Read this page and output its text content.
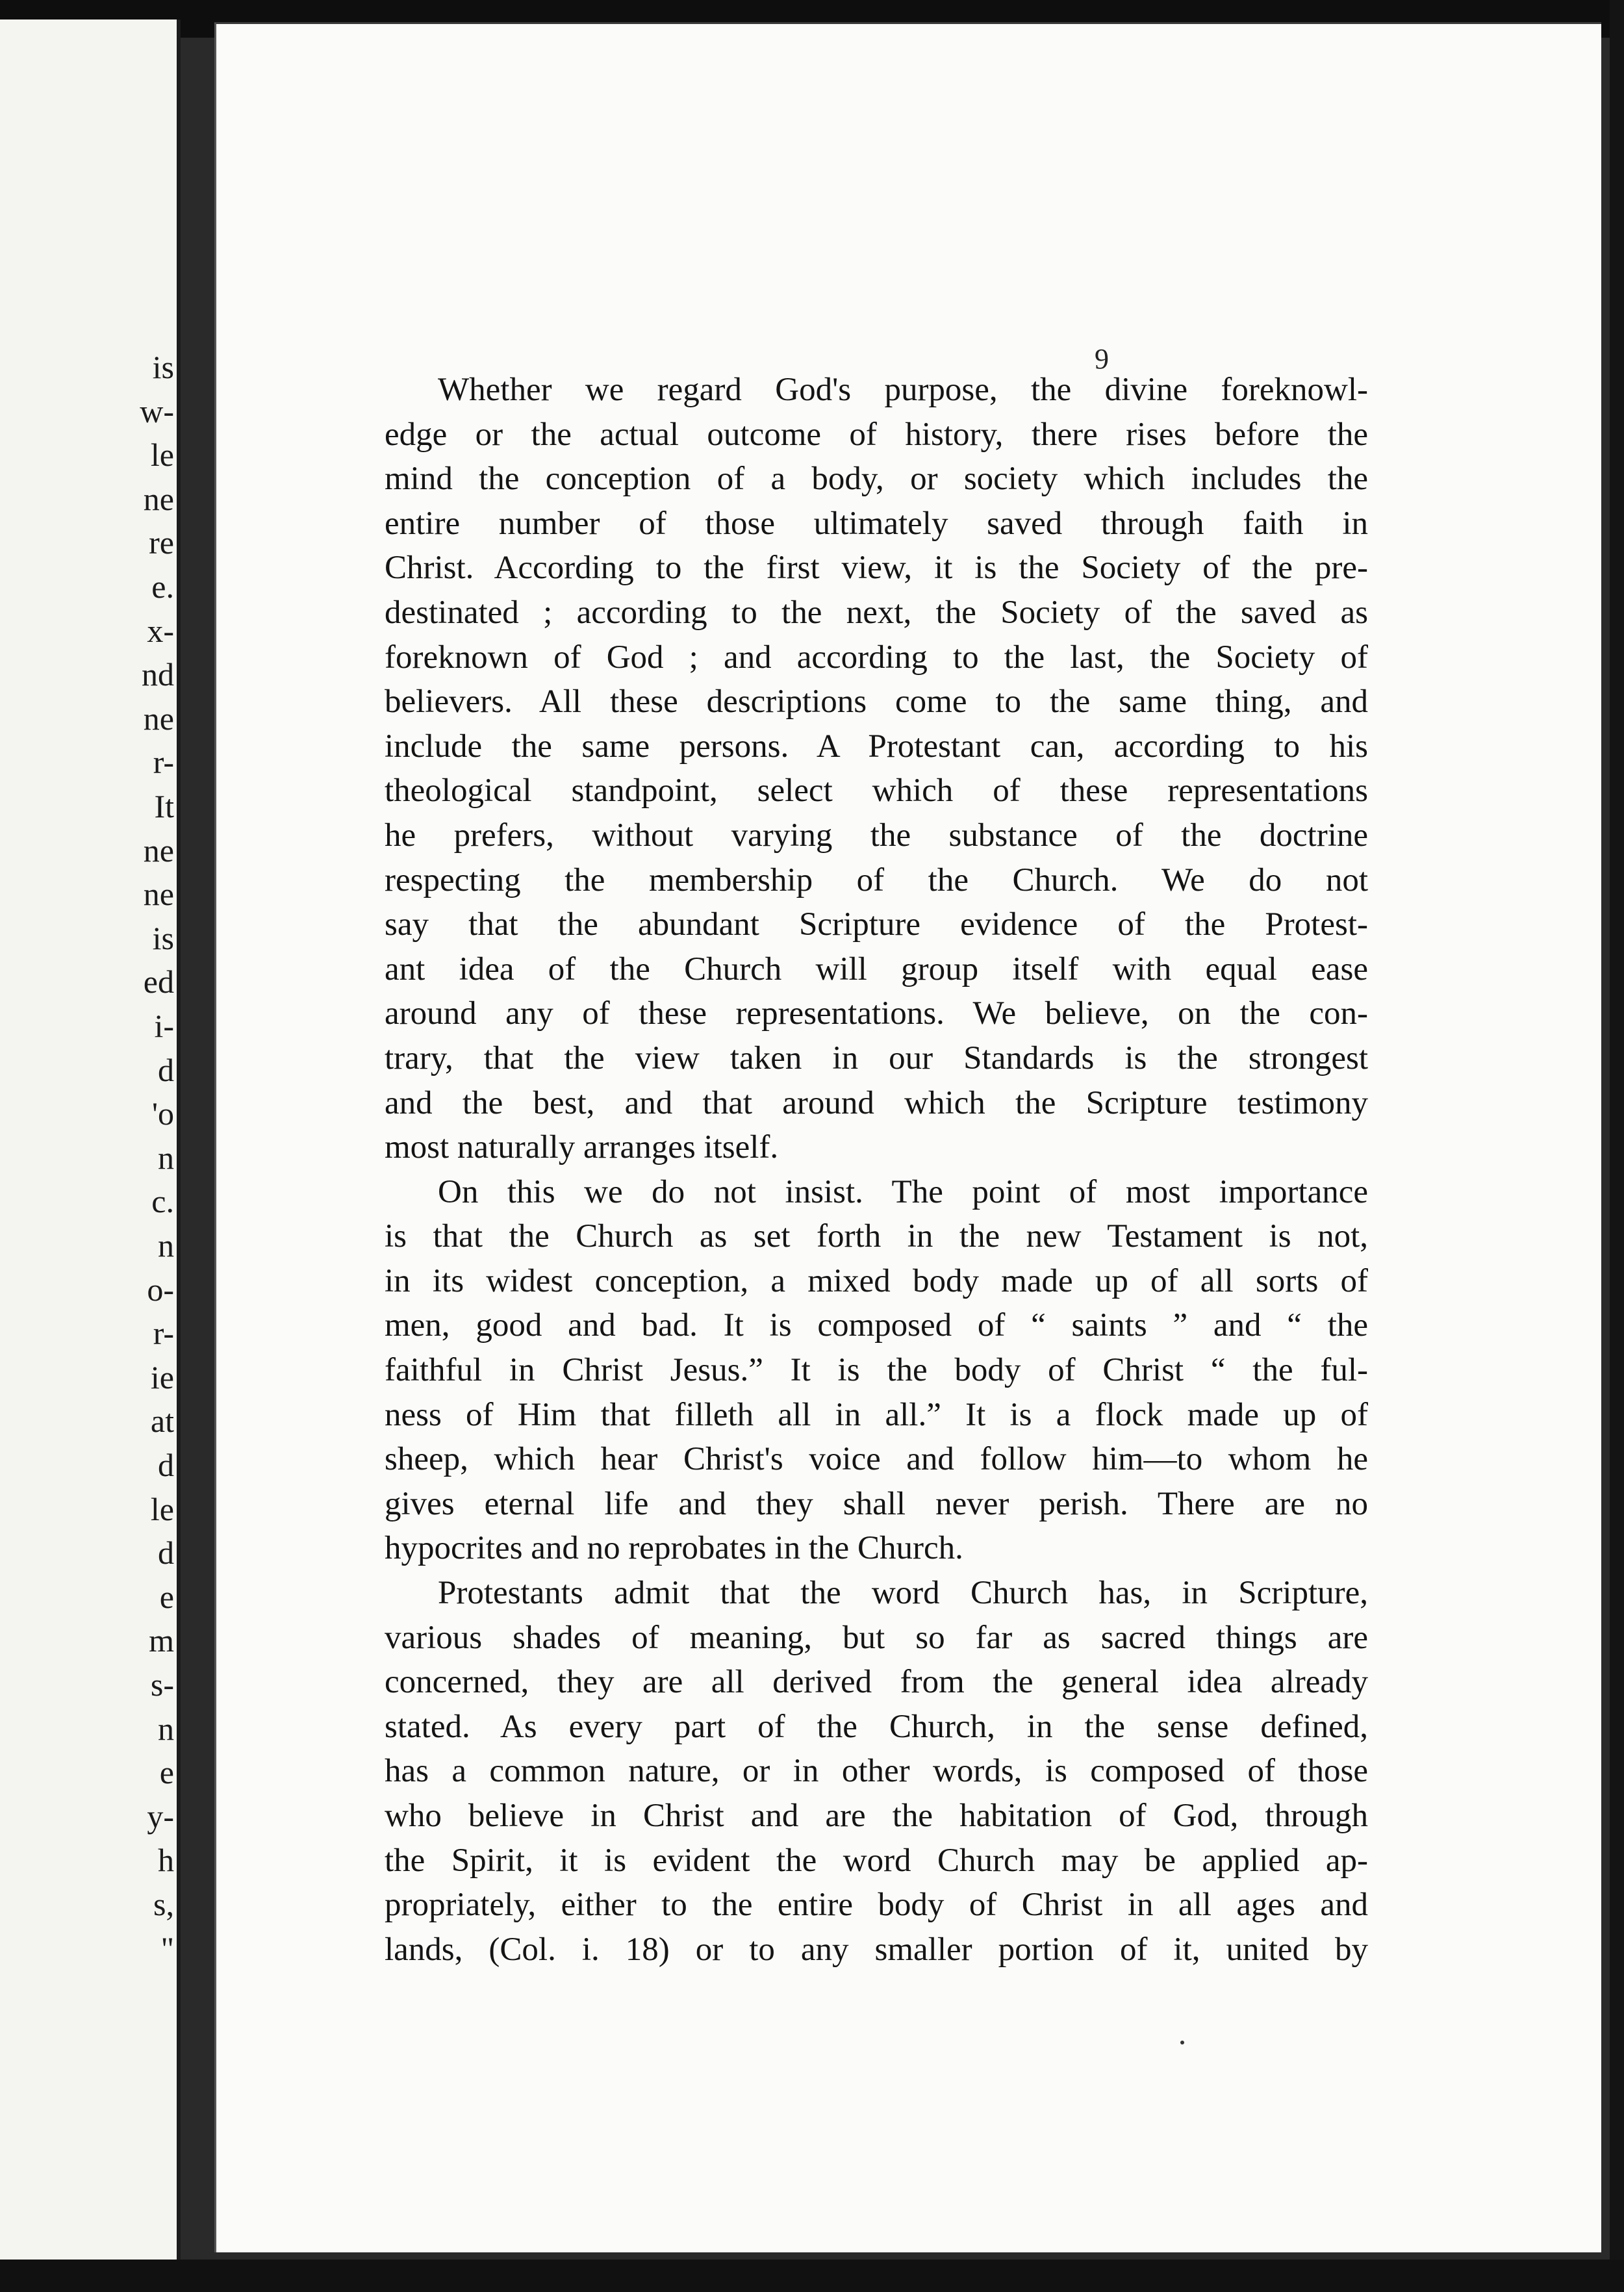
is
w-
le
ne
re
e.
x-
nd
ne
r-
It
ne
ne
is
ed
i-
d
'o
n
c.
n
o-
r-
ie
at
d
le
d
e
m
s-
n
e
y-
h
s,
"
9
Whether we regard God's purpose, the divine foreknowl-
edge or the actual outcome of history, there rises before the
mind the conception of a body, or society which includes the
entire number of those ultimately saved through faith in
Christ. According to the first view, it is the Society of the pre-
destinated ; according to the next, the Society of the saved as
foreknown of God ; and according to the last, the Society of
believers. All these descriptions come to the same thing, and
include the same persons. A Protestant can, according to his
theological standpoint, select which of these representations
he prefers, without varying the substance of the doctrine
respecting the membership of the Church. We do not
say that the abundant Scripture evidence of the Protest-
ant idea of the Church will group itself with equal ease
around any of these representations. We believe, on the con-
trary, that the view taken in our Standards is the strongest
and the best, and that around which the Scripture testimony
most naturally arranges itself.
On this we do not insist. The point of most importance
is that the Church as set forth in the new Testament is not,
in its widest conception, a mixed body made up of all sorts of
men, good and bad. It is composed of “ saints ” and “ the
faithful in Christ Jesus.” It is the body of Christ “ the ful-
ness of Him that filleth all in all.” It is a flock made up of
sheep, which hear Christ's voice and follow him—to whom he
gives eternal life and they shall never perish. There are no
hypocrites and no reprobates in the Church.
Protestants admit that the word Church has, in Scripture,
various shades of meaning, but so far as sacred things are
concerned, they are all derived from the general idea already
stated. As every part of the Church, in the sense defined,
has a common nature, or in other words, is composed of those
who believe in Christ and are the habitation of God, through
the Spirit, it is evident the word Church may be applied ap-
propriately, either to the entire body of Christ in all ages and
lands, (Col. i. 18) or to any smaller portion of it, united by
